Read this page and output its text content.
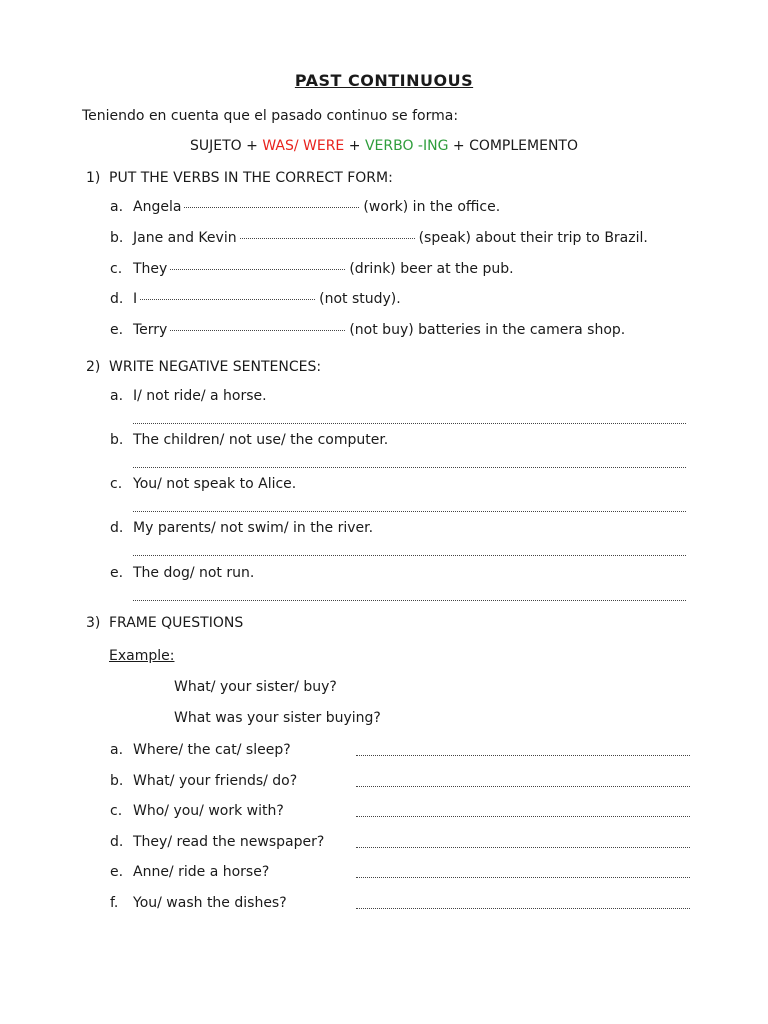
PAST CONTINUOUS
Teniendo en cuenta que el pasado continuo se forma:
SUJETO + WAS/ WERE + VERBO -ING + COMPLEMENTO
1) PUT THE VERBS IN THE CORRECT FORM:
a. Angela	(work) in the office.
b. Jane and Kevin	(speak) about their trip to Brazil.
c. They	(drink) beer at the pub.
d. I	(not study).
e. Terry	(not buy) batteries in the camera shop.
2) WRITE NEGATIVE SENTENCES:
a. I/ not ride/ a horse.
b. The children/ not use/ the computer.
c. You/ not speak to Alice.
d. My parents/ not swim/ in the river.
e. The dog/ not run.
3) FRAME QUESTIONS
Example:
What/ your sister/ buy?
What was your sister buying?
a. Where/ the cat/ sleep?
b. What/ your friends/ do?
c. Who/ you/ work with?
d. They/ read the newspaper?
e. Anne/ ride a horse?
f. You/ wash the dishes?
